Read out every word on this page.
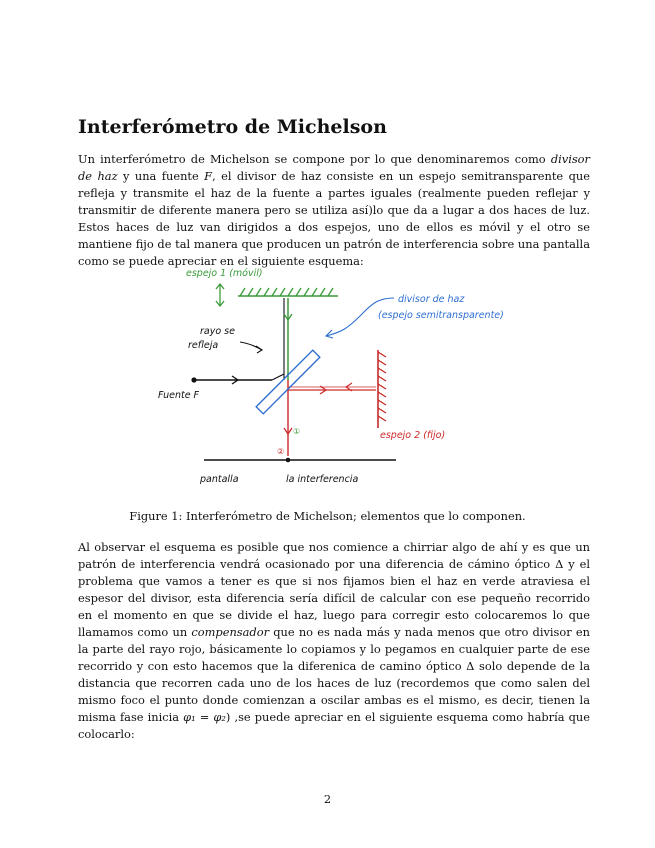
Interferómetro de Michelson

Un interferómetro de Michelson se compone por lo que denominaremos como divisor de haz y una fuente F, el divisor de haz consiste en un espejo semitransparente que refleja y transmite el haz de la fuente a partes iguales (realmente pueden reflejar y transmitir de diferente manera pero se utiliza así)lo que da a lugar a dos haces de luz. Estos haces de luz van dirigidos a dos espejos, uno de ellos es móvil y el otro se mantiene fijo de tal manera que producen un patrón de interferencia sobre una pantalla como se puede apreciar en el siguiente esquema:

espejo 1 (móvil)
①
②
espejo 2 (fijo)
Fuente F
rayo se
refleja
divisor de haz
(espejo semitransparente)
pantalla	la interferencia
Figure 1: Interferómetro de Michelson; elementos que lo componen.

Al observar el esquema es posible que nos comience a chirriar algo de ahí y es que un patrón de interferencia vendrá ocasionado por una diferencia de cámino óptico Δ y el problema que vamos a tener es que si nos fijamos bien el haz en verde atraviesa el espesor del divisor, esta diferencia sería difícil de calcular con ese pequeño recorrido en el momento en que se divide el haz, luego para corregir esto colocaremos lo que llamamos como un compensador que no es nada más y nada menos que otro divisor en la parte del rayo rojo, básicamente lo copiamos y lo pegamos en cualquier parte de ese recorrido y con esto hacemos que la diferenica de camino óptico Δ solo depende de la distancia que recorren cada uno de los haces de luz (recordemos que como salen del mismo foco el punto donde comienzan a oscilar ambas es el mismo, es decir, tienen la misma fase inicia φ₁ = φ₂) ,se puede apreciar en el siguiente esquema como habría que colocarlo:

2
